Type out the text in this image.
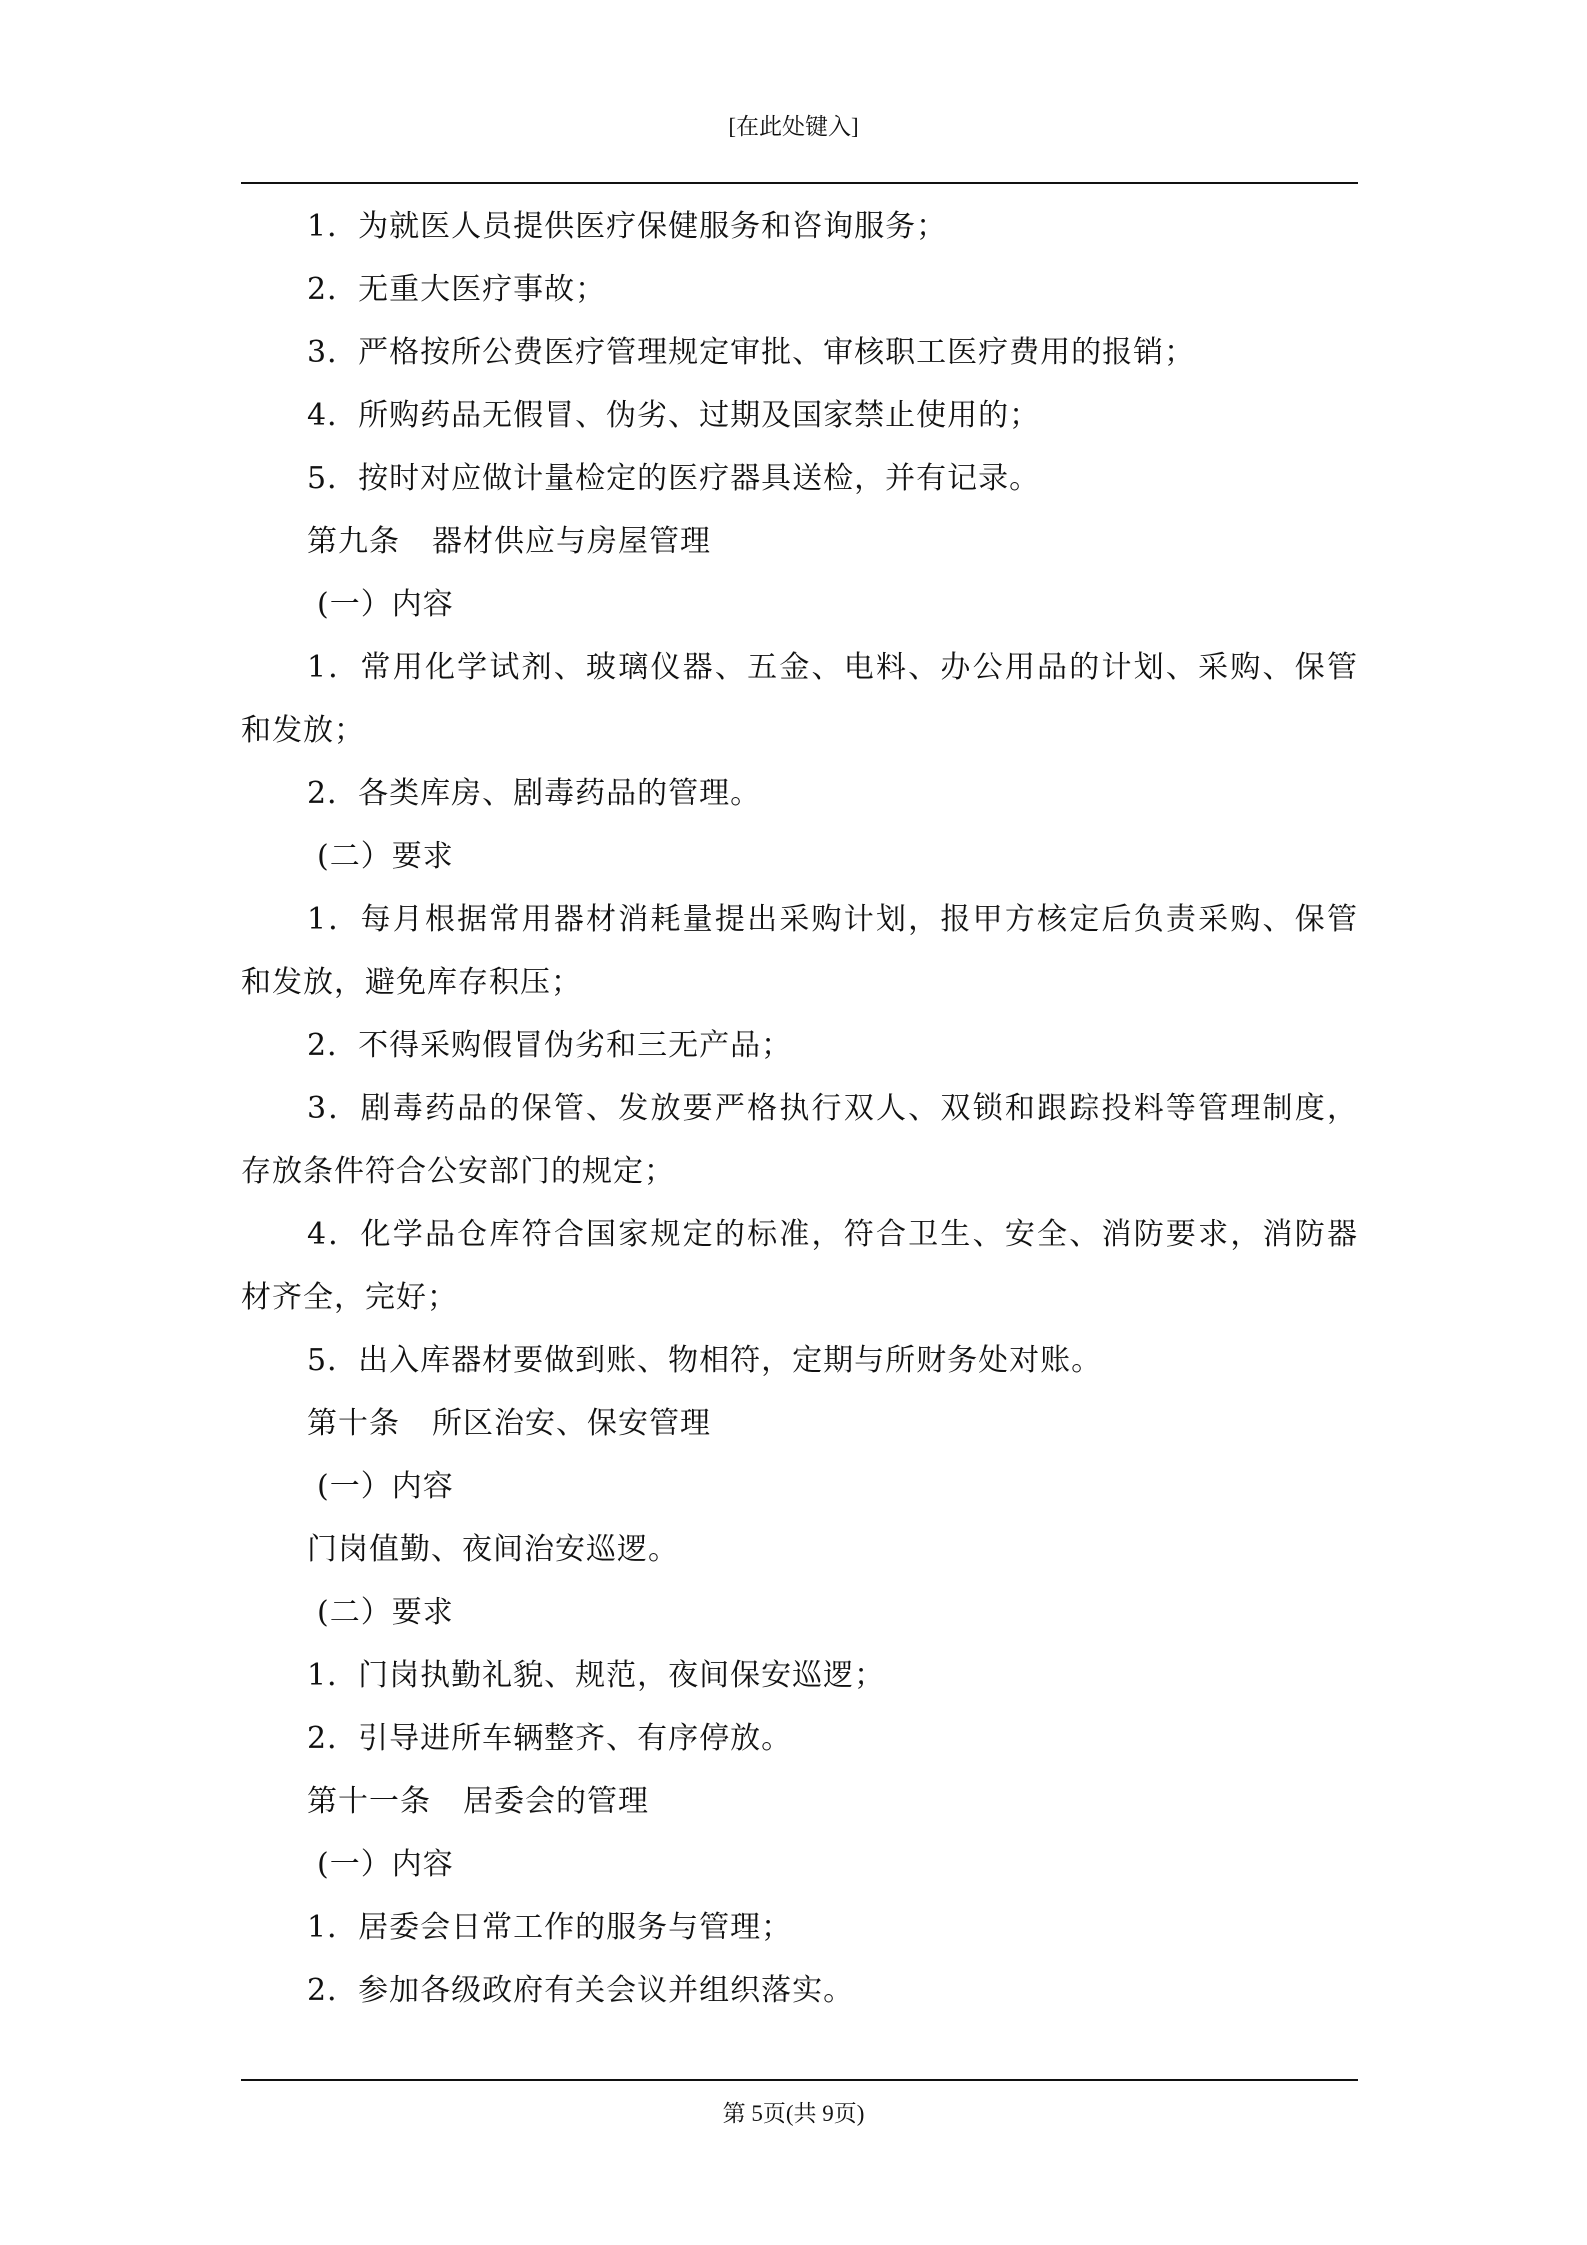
[在此处键入]
1．为就医人员提供医疗保健服务和咨询服务；
2．无重大医疗事故；
3．严格按所公费医疗管理规定审批、审核职工医疗费用的报销；
4．所购药品无假冒、伪劣、过期及国家禁止使用的；
5．按时对应做计量检定的医疗器具送检，并有记录。
第九条 器材供应与房屋管理
(一）内容
1．常用化学试剂、玻璃仪器、五金、电料、办公用品的计划、采购、保管
和发放；
2．各类库房、剧毒药品的管理。
(二）要求
1．每月根据常用器材消耗量提出采购计划，报甲方核定后负责采购、保管
和发放，避免库存积压；
2．不得采购假冒伪劣和三无产品；
3．剧毒药品的保管、发放要严格执行双人、双锁和跟踪投料等管理制度，
存放条件符合公安部门的规定；
4．化学品仓库符合国家规定的标准，符合卫生、安全、消防要求，消防器
材齐全，完好；
5．出入库器材要做到账、物相符，定期与所财务处对账。
第十条 所区治安、保安管理
(一）内容
门岗值勤、夜间治安巡逻。
(二）要求
1．门岗执勤礼貌、规范，夜间保安巡逻；
2．引导进所车辆整齐、有序停放。
第十一条 居委会的管理
(一）内容
1．居委会日常工作的服务与管理；
2．参加各级政府有关会议并组织落实。
第 5页(共 9页)
